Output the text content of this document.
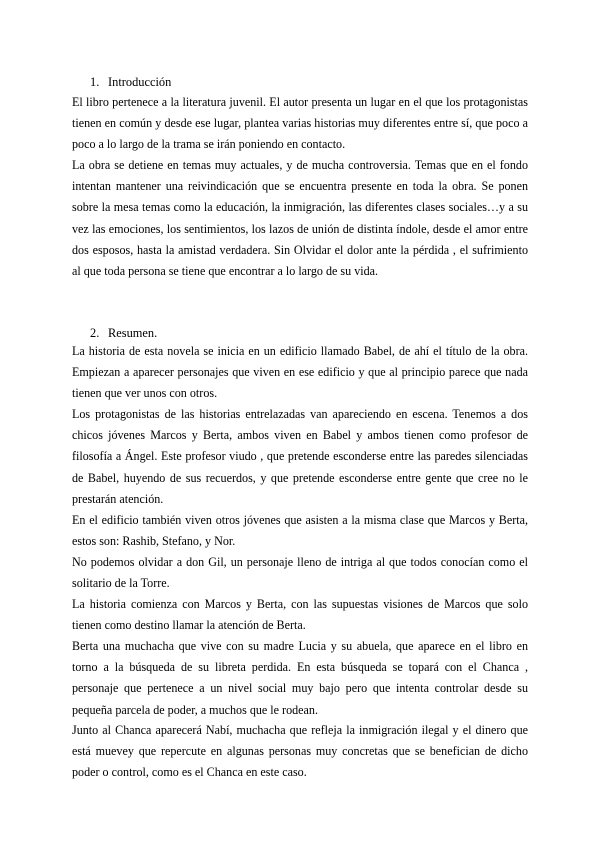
1. Introducción

El libro pertenece a la literatura juvenil. El autor presenta un lugar en el que los protagonistas tienen en común y desde ese lugar, plantea varias historias muy diferentes entre sí, que poco a poco a lo largo de la trama se irán poniendo en contacto.

La obra se detiene en temas muy actuales, y de mucha controversia. Temas que en el fondo intentan mantener una reivindicación que se encuentra presente en toda la obra. Se ponen sobre la mesa temas como la educación, la inmigración, las diferentes clases sociales…y a su vez las emociones, los sentimientos, los lazos de unión de distinta índole, desde el amor entre dos esposos, hasta la amistad verdadera. Sin Olvidar el dolor ante la pérdida , el sufrimiento al que toda persona se tiene que encontrar a lo largo de su vida.

2. Resumen.

La historia de esta novela se inicia en un edificio llamado Babel, de ahí el título de la obra. Empiezan a aparecer personajes que viven en ese edificio y que al principio parece que nada tienen que ver unos con otros.

Los protagonistas de las historias entrelazadas van apareciendo en escena. Tenemos a dos chicos jóvenes Marcos y Berta, ambos viven en Babel y ambos tienen como profesor de filosofía a Ángel. Este profesor viudo , que pretende esconderse entre las paredes silenciadas de Babel, huyendo de sus recuerdos, y que pretende esconderse entre gente que cree no le prestarán atención.

En el edificio también viven otros jóvenes que asisten a la misma clase que Marcos y Berta, estos son: Rashib, Stefano, y Nor.

No podemos olvidar a don Gil, un personaje lleno de intriga al que todos conocían como el solitario de la Torre.

La historia comienza con Marcos y Berta, con las supuestas visiones de Marcos que solo tienen como destino llamar la atención de Berta.

Berta una muchacha que vive con su madre Lucia y su abuela, que aparece en el libro en torno a la búsqueda de su libreta perdida. En esta búsqueda se topará con el Chanca , personaje que pertenece a un nivel social muy bajo pero que intenta controlar desde su pequeña parcela de poder, a muchos que le rodean.

Junto al Chanca aparecerá Nabí, muchacha que refleja la inmigración ilegal y el dinero que está muevey que repercute en algunas personas muy concretas que se benefician de dicho poder o control, como es el Chanca en este caso.
